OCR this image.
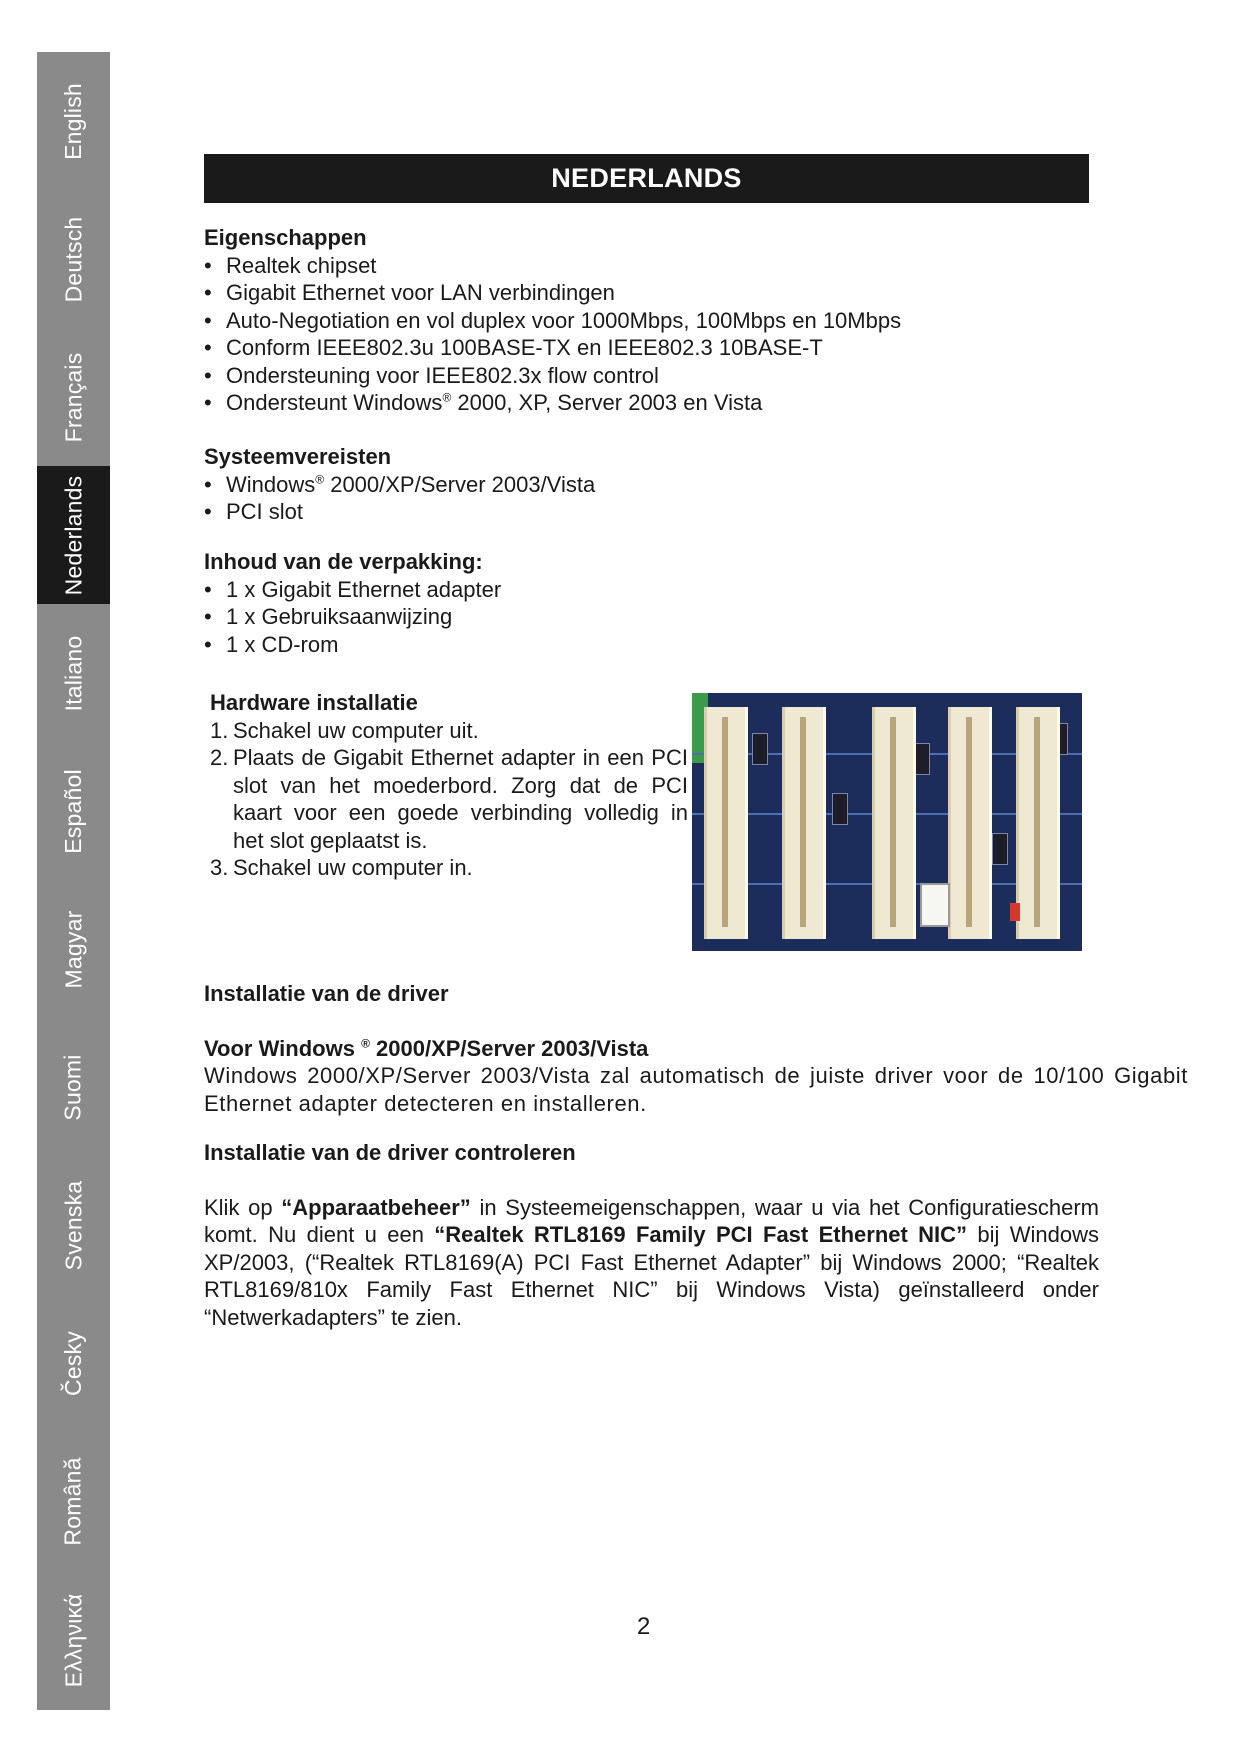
English
Deutsch
Français
Nederlands
Italiano
Español
Magyar
Suomi
Svenska
Česky
Română
Ελληνικά
NEDERLANDS
Eigenschappen
• Realtek chipset
• Gigabit Ethernet voor LAN verbindingen
• Auto-Negotiation en vol duplex voor 1000Mbps, 100Mbps en 10Mbps
• Conform IEEE802.3u 100BASE-TX en IEEE802.3 10BASE-T
• Ondersteuning voor IEEE802.3x flow control
• Ondersteunt Windows® 2000, XP, Server 2003 en Vista
Systeemvereisten
• Windows® 2000/XP/Server 2003/Vista
• PCI slot
Inhoud van de verpakking:
• 1 x Gigabit Ethernet adapter
• 1 x Gebruiksaanwijzing
• 1 x CD-rom
Hardware installatie
1. Schakel uw computer uit.
2. Plaats de Gigabit Ethernet adapter in een PCI slot van het moederbord. Zorg dat de PCI kaart voor een goede verbinding volledig in het slot geplaatst is.
3. Schakel uw computer in.
Installatie van de driver
Voor Windows ® 2000/XP/Server 2003/Vista
Windows 2000/XP/Server 2003/Vista zal automatisch de juiste driver voor de 10/100 Gigabit Ethernet adapter detecteren en installeren.
Installatie van de driver controleren
Klik op “Apparaatbeheer” in Systeemeigenschappen, waar u via het Configuratiescherm komt. Nu dient u een “Realtek RTL8169 Family PCI Fast Ethernet NIC” bij Windows XP/2003, (“Realtek RTL8169(A) PCI Fast Ethernet Adapter” bij Windows 2000; “Realtek RTL8169/810x Family Fast Ethernet NIC” bij Windows Vista) geïnstalleerd onder “Netwerkadapters” te zien.
2
